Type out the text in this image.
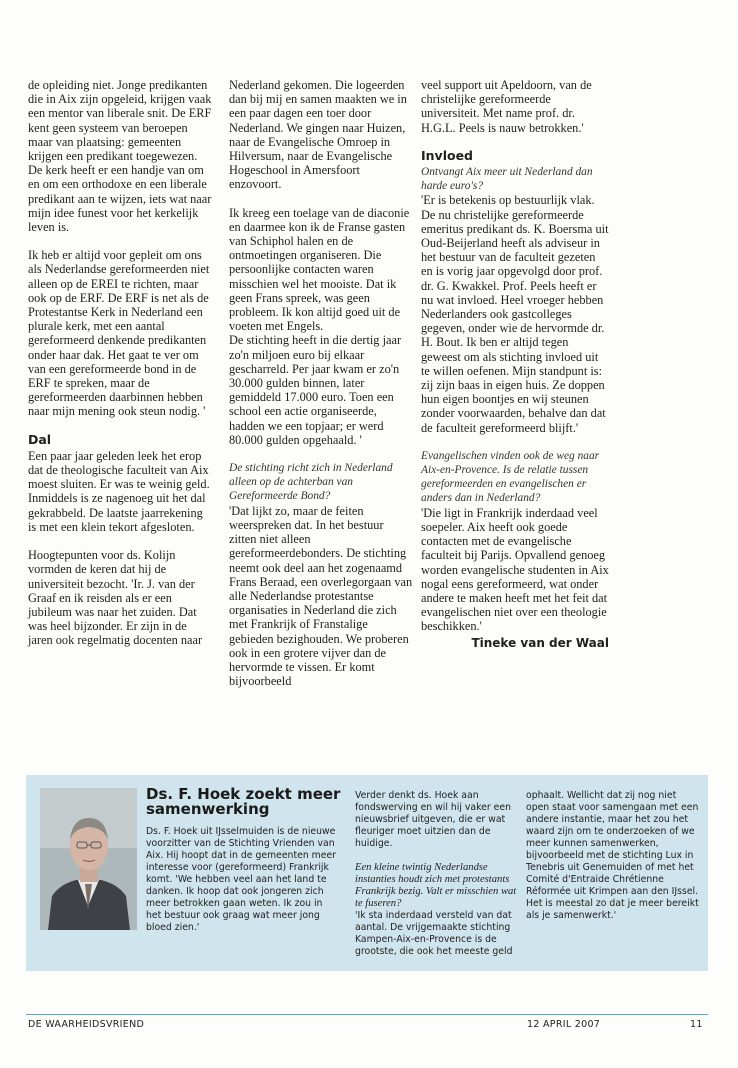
de opleiding niet. Jonge predikanten die in Aix zijn opgeleid, krijgen vaak een mentor van liberale snit. De ERF kent geen systeem van beroepen maar van plaatsing: gemeenten krijgen een predikant toegewezen. De kerk heeft er een handje van om en om een orthodoxe en een liberale predikant aan te wijzen, iets wat naar mijn idee funest voor het kerkelijk leven is.

Ik heb er altijd voor gepleit om ons als Nederlandse gereformeerden niet alleen op de EREI te richten, maar ook op de ERF. De ERF is net als de Protestantse Kerk in Nederland een plurale kerk, met een aantal gereformeerd denkende predikanten onder haar dak. Het gaat te ver om van een gereformeerde bond in de ERF te spreken, maar de gereformeerden daarbinnen hebben naar mijn mening ook steun nodig. '

Dal

Een paar jaar geleden leek het erop dat de theologische faculteit van Aix moest sluiten. Er was te weinig geld. Inmiddels is ze nagenoeg uit het dal gekrabbeld. De laatste jaarrekening is met een klein tekort afgesloten.

Hoogtepunten voor ds. Kolijn vormden de keren dat hij de universiteit bezocht. 'Ir. J. van der Graaf en ik reisden als er een jubileum was naar het zuiden. Dat was heel bijzonder. Er zijn in de jaren ook regelmatig docenten naar

Nederland gekomen. Die logeerden dan bij mij en samen maakten we in een paar dagen een toer door Nederland. We gingen naar Huizen, naar de Evangelische Omroep in Hilversum, naar de Evangelische Hogeschool in Amersfoort enzovoort.

Ik kreeg een toelage van de diaconie en daarmee kon ik de Franse gasten van Schiphol halen en de ontmoetingen organiseren. Die persoonlijke contacten waren misschien wel het mooiste. Dat ik geen Frans spreek, was geen probleem. Ik kon altijd goed uit de voeten met Engels.

De stichting heeft in die dertig jaar zo'n miljoen euro bij elkaar gescharreld. Per jaar kwam er zo'n 30.000 gulden binnen, later gemiddeld 17.000 euro. Toen een school een actie organiseerde, hadden we een topjaar; er werd 80.000 gulden opgehaald. '

De stichting richt zich in Nederland alleen op de achterban van Gereformeerde Bond?

'Dat lijkt zo, maar de feiten weerspreken dat. In het bestuur zitten niet alleen gereformeerdebonders. De stichting neemt ook deel aan het zogenaamd Frans Beraad, een overlegorgaan van alle Nederlandse protestantse organisaties in Nederland die zich met Frankrijk of Franstalige gebieden bezighouden. We proberen ook in een grotere vijver dan de hervormde te vissen. Er komt bijvoorbeeld

veel support uit Apeldoorn, van de christelijke gereformeerde universiteit. Met name prof. dr. H.G.L. Peels is nauw betrokken.'

Invloed
Ontvangt Aix meer uit Nederland dan harde euro's?

'Er is betekenis op bestuurlijk vlak. De nu christelijke gereformeerde emeritus predikant ds. K. Boersma uit Oud-Beijerland heeft als adviseur in het bestuur van de faculteit gezeten en is vorig jaar opgevolgd door prof. dr. G. Kwakkel. Prof. Peels heeft er nu wat invloed. Heel vroeger hebben Nederlanders ook gastcolleges gegeven, onder wie de hervormde dr. H. Bout. Ik ben er altijd tegen geweest om als stichting invloed uit te willen oefenen. Mijn standpunt is: zij zijn baas in eigen huis. Ze doppen hun eigen boontjes en wij steunen zonder voorwaarden, behalve dan dat de faculteit gereformeerd blijft.'

Evangelischen vinden ook de weg naar Aix-en-Provence. Is de relatie tussen gereformeerden en evangelischen er anders dan in Nederland?

'Die ligt in Frankrijk inderdaad veel soepeler. Aix heeft ook goede contacten met de evangelische faculteit bij Parijs. Opvallend genoeg worden evangelische studenten in Aix nogal eens gereformeerd, wat onder andere te maken heeft met het feit dat evangelischen niet over een theologie beschikken.'

Tineke van der Waal
Ds. F. Hoek zoekt meer samenwerking

Ds. F. Hoek uit IJsselmuiden is de nieuwe voorzitter van de Stichting Vrienden van Aix. Hij hoopt dat in de gemeenten meer interesse voor (gereformeerd) Frankrijk komt. 'We hebben veel aan het land te danken. Ik hoop dat ook jongeren zich meer betrokken gaan weten. Ik zou in het bestuur ook graag wat meer jong bloed zien.'

Verder denkt ds. Hoek aan fondswerving en wil hij vaker een nieuwsbrief uitgeven, die er wat fleuriger moet uitzien dan de huidige.

Een kleine twintig Nederlandse instanties houdt zich met protestants Frankrijk bezig. Valt er misschien wat te fuseren?

'Ik sta inderdaad versteld van dat aantal. De vrijgemaakte stichting Kampen-Aix-en-Provence is de grootste, die ook het meeste geld

ophaalt. Wellicht dat zij nog niet open staat voor samengaan met een andere instantie, maar het zou het waard zijn om te onderzoeken of we meer kunnen samenwerken, bijvoorbeeld met de stichting Lux in Tenebris uit Genemuiden of met het Comité d'Entraide Chrétienne Réformée uit Krimpen aan den IJssel. Het is meestal zo dat je meer bereikt als je samenwerkt.'

DE WAARHEIDSVRIEND	12 APRIL 2007	11
